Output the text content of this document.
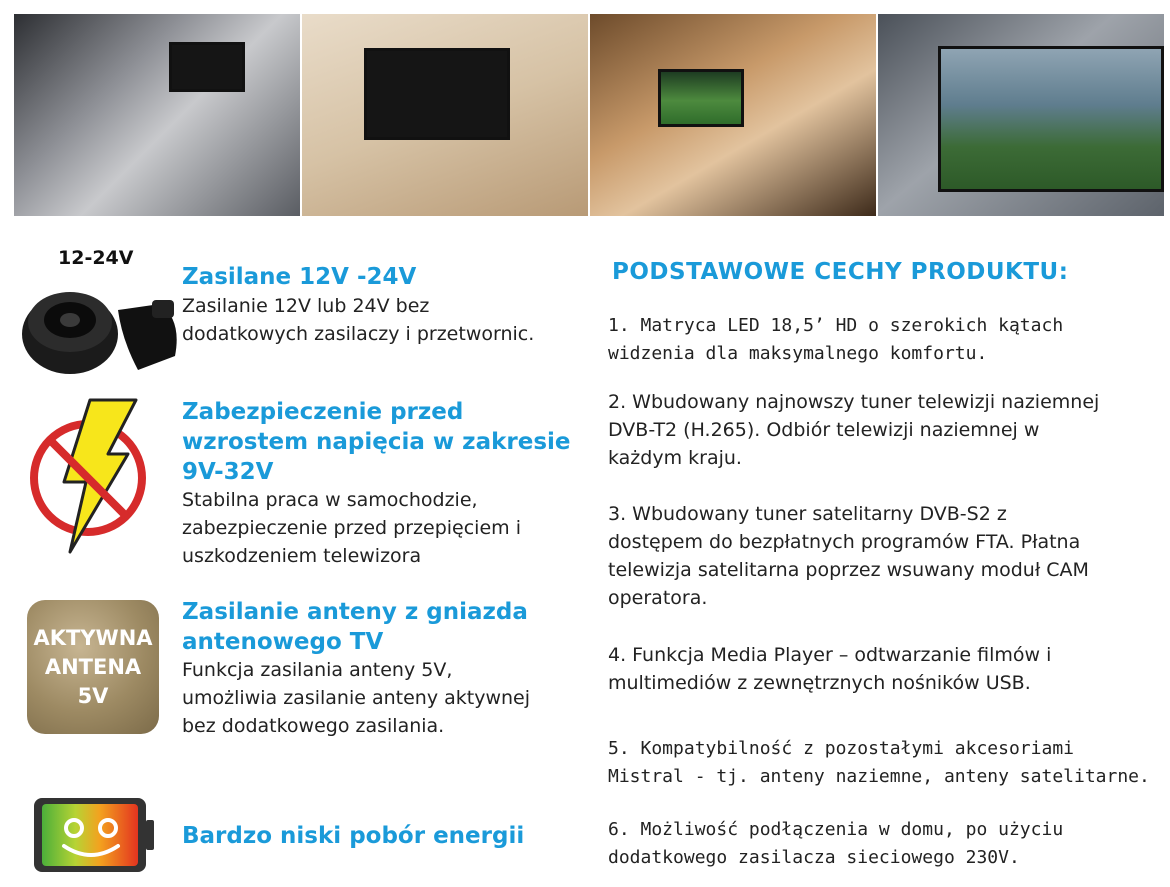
12-24V
Zasilane 12V -24V
Zasilanie 12V lub 24V bez
dodatkowych zasilaczy i przetwornic.
Zabezpieczenie przed
wzrostem napięcia w zakresie
9V-32V
Stabilna praca w samochodzie,
zabezpieczenie przed przepięciem i
uszkodzeniem telewizora
AKTYWNA
ANTENA
5V
Zasilanie anteny z gniazda
antenowego TV
Funkcja zasilania anteny 5V,
umożliwia zasilanie anteny aktywnej
bez dodatkowego zasilania.
Bardzo niski pobór energii
PODSTAWOWE CECHY PRODUKTU:
1. Matryca LED 18,5’ HD o szerokich kątach
widzenia dla maksymalnego komfortu.
2. Wbudowany najnowszy tuner telewizji naziemnej
DVB-T2 (H.265). Odbiór telewizji naziemnej w
każdym kraju.
3. Wbudowany tuner satelitarny DVB-S2 z
dostępem do bezpłatnych programów FTA. Płatna
telewizja satelitarna poprzez wsuwany moduł CAM
operatora.
4. Funkcja Media Player – odtwarzanie filmów i
multimediów z zewnętrznych nośników USB.
5. Kompatybilność z pozostałymi akcesoriami
Mistral - tj. anteny naziemne, anteny satelitarne.
6. Możliwość podłączenia w domu, po użyciu
dodatkowego zasilacza sieciowego 230V.
